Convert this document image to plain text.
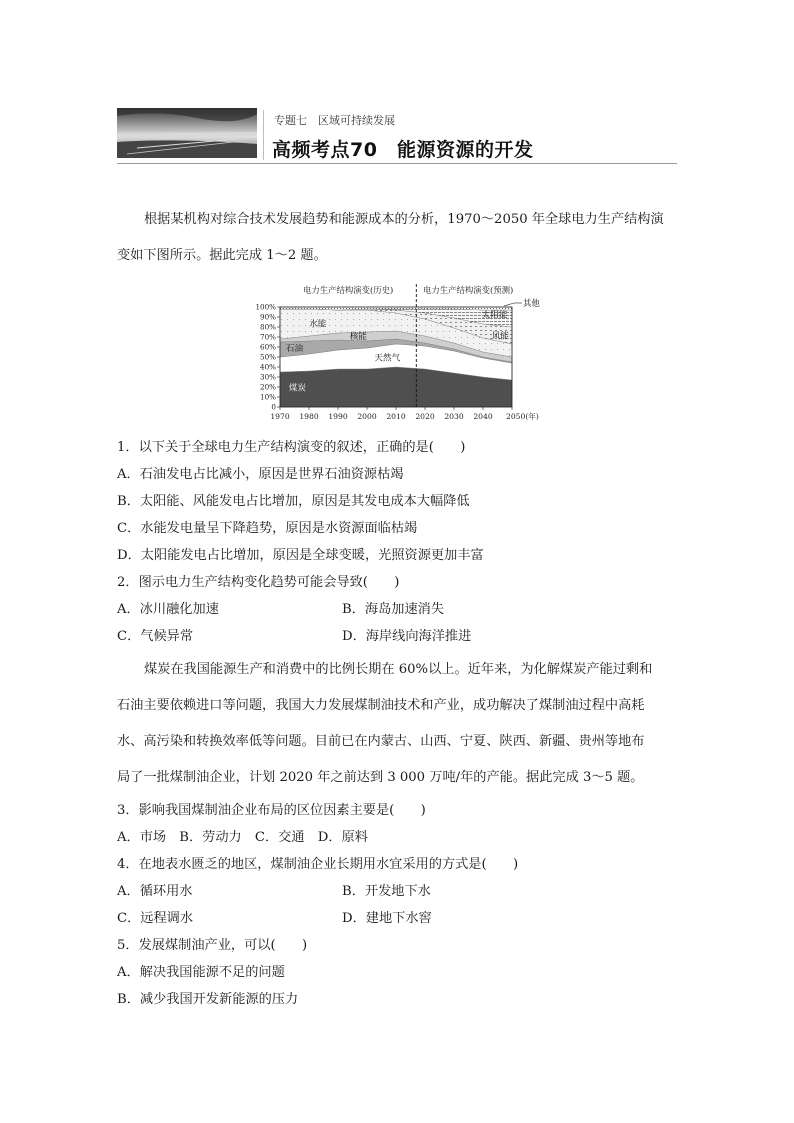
专题七　区域可持续发展
高频考点70　能源资源的开发
根据某机构对综合技术发展趋势和能源成本的分析，1970～2050 年全球电力生产结构演
变如下图所示。据此完成 1～2 题。
0
10%
20%
30%
40%
50%
60%
70%
80%
90%
100%
1970 1980 1990 2000 2010 2020 2030 2040 2050(年)
电力生产结构演变(历史)	电力生产结构演变(预测)
煤炭
天然气
石油
核能
水能
风能
太阳能
其他
1．以下关于全球电力生产结构演变的叙述，正确的是(　　)
A．石油发电占比减小，原因是世界石油资源枯竭
B．太阳能、风能发电占比增加，原因是其发电成本大幅降低
C．水能发电量呈下降趋势，原因是水资源面临枯竭
D．太阳能发电占比增加，原因是全球变暖，光照资源更加丰富
2．图示电力生产结构变化趋势可能会导致(　　)
A．冰川融化加速	B．海岛加速消失
C．气候异常	D．海岸线向海洋推进
煤炭在我国能源生产和消费中的比例长期在 60%以上。近年来，为化解煤炭产能过剩和
石油主要依赖进口等问题，我国大力发展煤制油技术和产业，成功解决了煤制油过程中高耗
水、高污染和转换效率低等问题。目前已在内蒙古、山西、宁夏、陕西、新疆、贵州等地布
局了一批煤制油企业，计划 2020 年之前达到 3 000 万吨/年的产能。据此完成 3～5 题。
3．影响我国煤制油企业布局的区位因素主要是(　　)
A．市场　B．劳动力　C．交通　D．原料
4．在地表水匮乏的地区，煤制油企业长期用水宜采用的方式是(　　)
A．循环用水	B．开发地下水
C．远程调水	D．建地下水窖
5．发展煤制油产业，可以(　　)
A．解决我国能源不足的问题
B．减少我国开发新能源的压力
